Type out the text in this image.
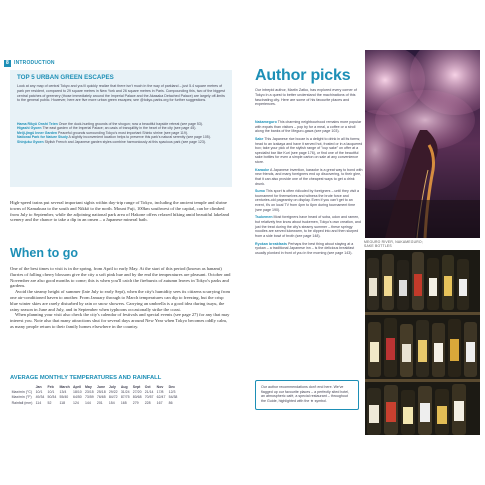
8 INTRODUCTION
TOP 5 URBAN GREEN ESCAPES
Look at any map of central Tokyo and you'll quickly realize that there isn't much in the way of parkland – just 5.4 square metres of park per resident, compared to 29 square metres in New York and 26 square metres in Paris. Compounding this, two of the biggest central patches of greenery (those immediately around the Imperial Palace and the Akasaka Detached Palace) are largely off-limits to the general public. However, here are five more urban green escapes; see @tokyo-parks.org for further suggestions.
Hama Rikyū Onshi Teien Once the duck-hunting grounds of the shogun; now a beautiful bayside retreat (see page 53).
Higashi Gyoen The east garden of the Imperial Palace; an oasis of tranquillity in the heart of the city (see page 45).
Meiji-jingū Inner Garden Peaceful grounds surrounding Tokyo's most important Shinto shrine (see page 119).
National Park for Nature Study A slightly inconvenient location helps to preserve this park's natural serenity (see page 105).
Shinjuku Gyoen Stylish French and Japanese garden styles combine harmoniously at this spacious park (see page 123).

High-speed trains put several important sights within day-trip range of Tokyo, including the ancient temple and shrine towns of Kamakura to the south and Nikkō to the north. Mount Fuji, 100km southwest of the capital, can be climbed from July to September, while the adjoining national park area of Hakone offers relaxed hiking amid beautiful lakeland scenery and the chance to take a dip in an onsen – a Japanese mineral bath.

When to go

One of the best times to visit is in the spring, from April to early May. At the start of this period (known as hanami) flurries of falling cherry blossom give the city a soft pink hue and by the end the temperatures are pleasant. October and November are also good months to come; this is when you'll catch the firebursts of autumn leaves in Tokyo's parks and gardens.

Avoid the steamy height of summer (late July to early Sept), when the city's humidity sees its citizens scurrying from one air-conditioned haven to another. From January through to March temperatures can dip to freezing, but the crisp blue winter skies are rarely disturbed by rain or snow showers. Carrying an umbrella is a good idea during tsuyu, the rainy season in June and July, and in September when typhoons occasionally strike the coast.

When planning your visit also check the city's calendar of festivals and special events (see page 27) for any that may interest you. Note also that many attractions shut for several days around New Year when Tokyo becomes oddly calm, as many people return to their family homes elsewhere in the country.

AVERAGE MONTHLY TEMPERATURES AND RAINFALL
	Jan	Feb	March	April	May	June	July	Aug	Sept	Oct	Nov	Dec
Max/min (°C)	10/1	10/1	13/4	18/10	23/15	25/18	29/22	31/24	27/20	21/14	17/8	12/3
Max/min (°F)	49/34	50/34	55/40	64/50	73/59	76/65	84/72	87/75	80/68	70/57	62/47	54/38
Rainfall (mm)	114	52	118	124	144	201	154	165	279	228	167	86
Author picks
Our intrepid author, Martin Zatko, has explored every corner of Tokyo in a quest to better understand the machinations of this fascinating city. Here are some of his favourite places and experiences.

Nakameguro This charming neighbourhood remains more popular with expats than visitors – pop by for a meal, a coffee or a stroll along the banks of the Meguro-gawa (see page 103).

Sake This Japanese rice booze is a delight to drink in all its forms; head to an izakaya and have it served hot, frosted or in a lacquered box; take your pick of the stylish range of "cup sake" on offer at a specialist bar like Kuri (see page 176), or find one of the beautiful sake bottles for even a simple carton on sale at any convenience store.

Karaoke A Japanese invention, karaoke is a great way to bond with new friends, and many foreigners end up discovering, to their glee, that it can also provide one of the cheapest ways to get a drink drunk.

Sumo This sport is often ridiculed by foreigners – until they visit a tournament for themselves and witness the brute force and centuries-old pageantry on display. Even if you can't get to an event, it's on local TV from 4pm to 6pm during tournament time (see page 190).

Tsukemen Most foreigners have heard of soba, udon and ramen, but relatively few know about tsukemen, Tokyo's own creation, and just the treat during the city's steamy summer – these springy noodles are served lukewarm, to be dipped into and then slurped from a side bowl of broth (see page 148).

Ryokan breakfasts Perhaps the best thing about staying at a ryokan – a traditional Japanese inn – is the delicious breakfast usually plonked in front of you in the morning (see page 143).

Our author recommendations don't end here. We've flagged up our favourite places – a perfectly sited hotel, an atmospheric café, a special restaurant – throughout the Guide, highlighted with the ★ symbol.
MEGURO RIVER, NAKAMEGURO; SAKE BOTTLES
